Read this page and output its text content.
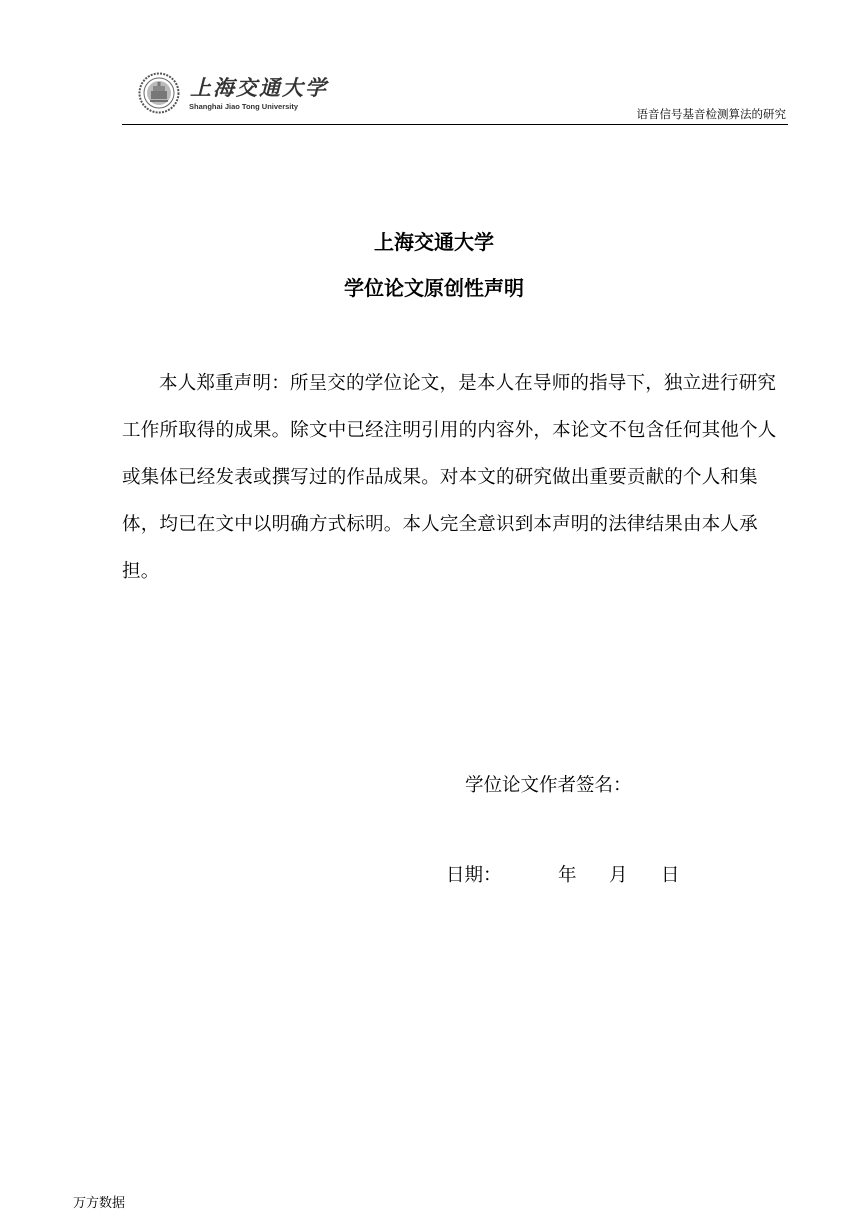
上海交通大学
Shanghai Jiao Tong University
语音信号基音检测算法的研究
上海交通大学
学位论文原创性声明

本人郑重声明：所呈交的学位论文，是本人在导师的指导下，独立进行研究工作所取得的成果。除文中已经注明引用的内容外，本论文不包含任何其他个人或集体已经发表或撰写过的作品成果。对本文的研究做出重要贡献的个人和集体，均已在文中以明确方式标明。本人完全意识到本声明的法律结果由本人承担。

学位论文作者签名：
日期：	年 月 日
万方数据
